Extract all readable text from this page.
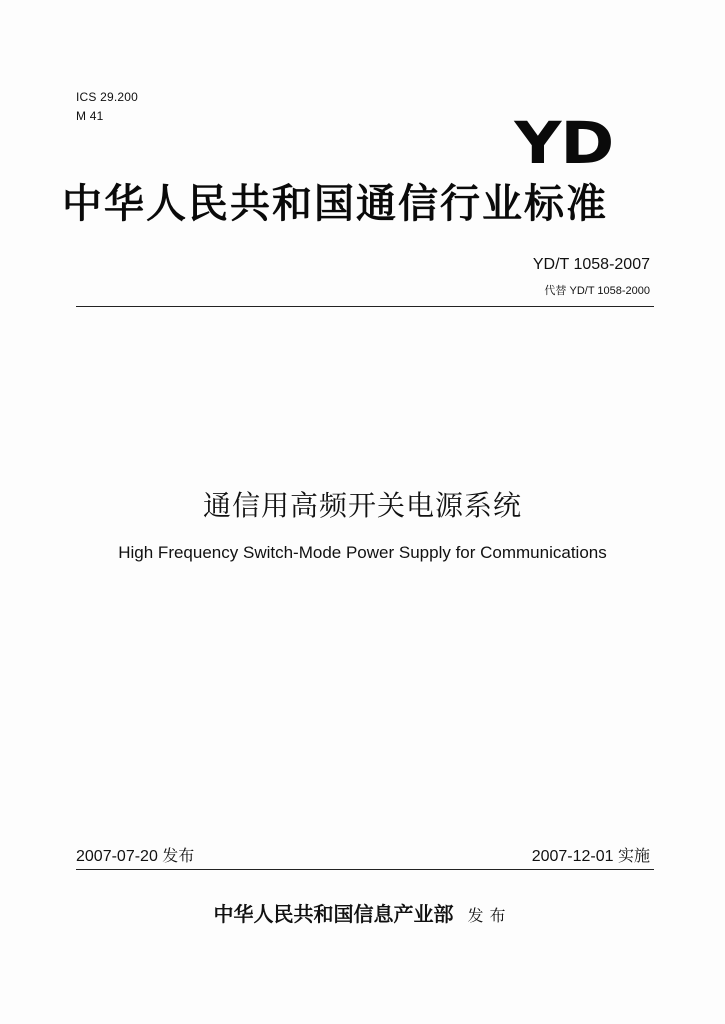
ICS 29.200
M 41	YD
中华人民共和国通信行业标准
YD/T 1058-2007
代替 YD/T 1058-2000
通信用高频开关电源系统
High Frequency Switch-Mode Power Supply for Communications
2007-07-20 发布	2007-12-01 实施
中华人民共和国信息产业部 发布
